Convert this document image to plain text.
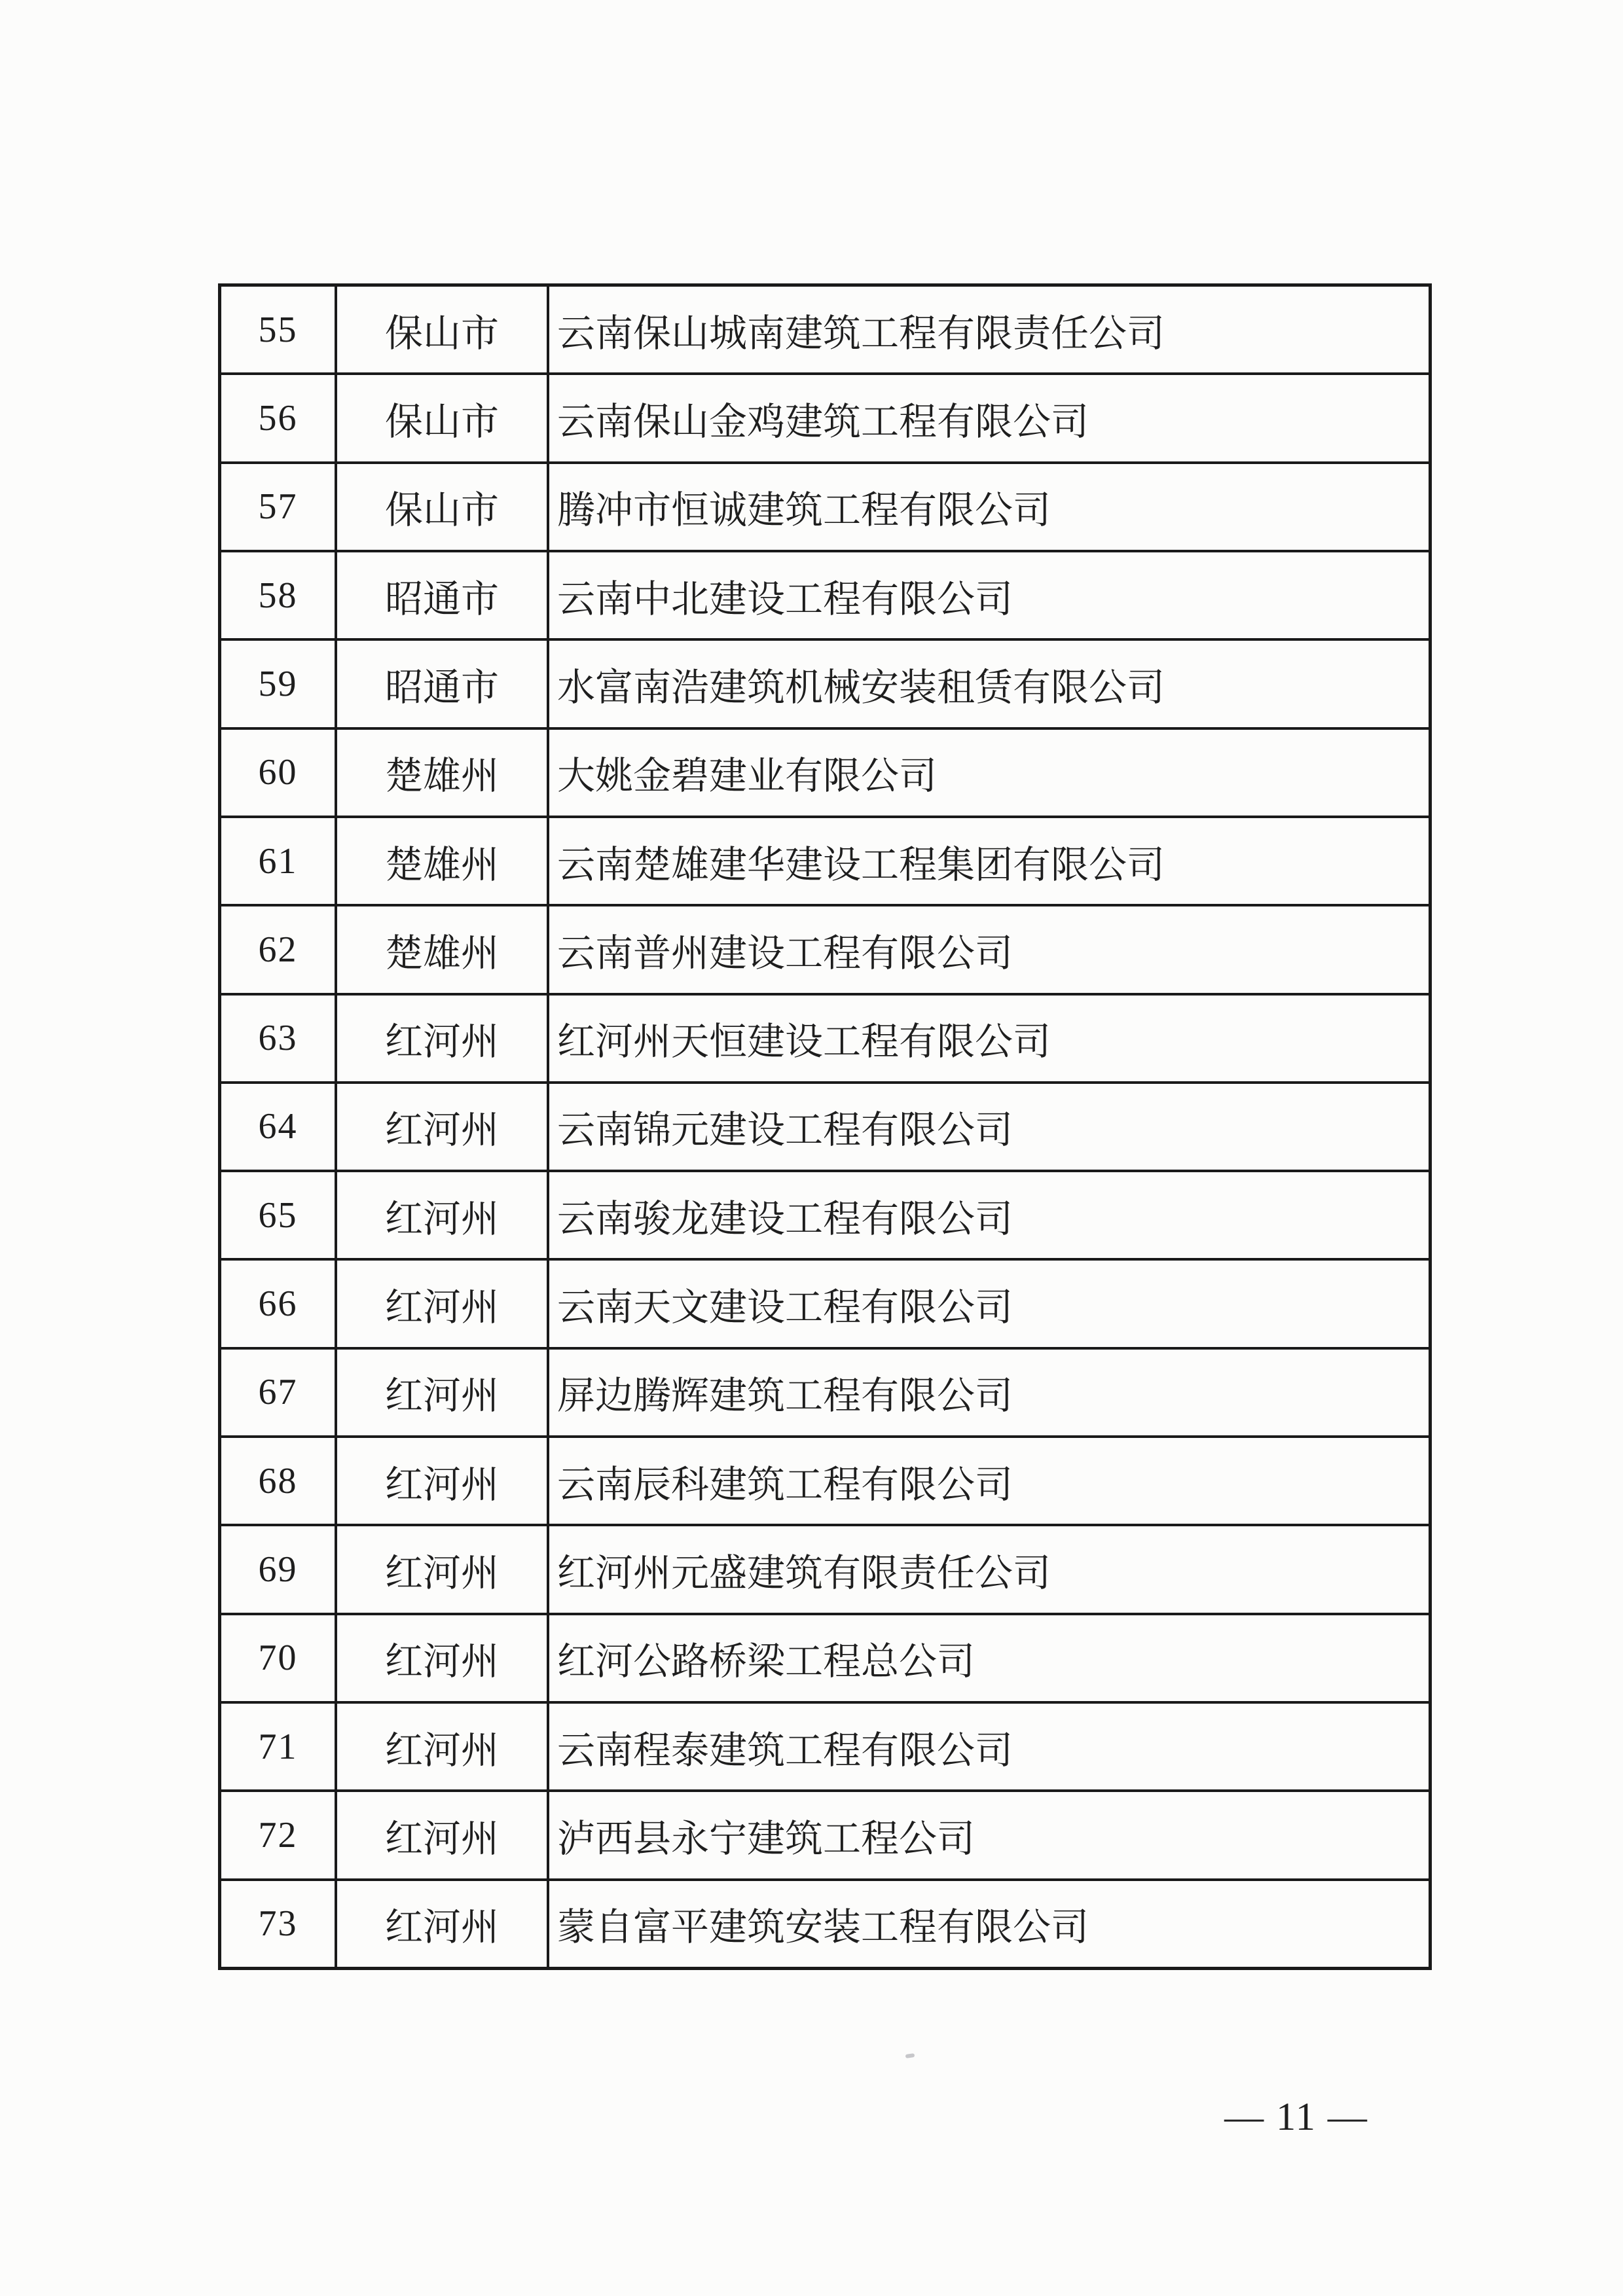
55	保山市	云南保山城南建筑工程有限责任公司
56	保山市	云南保山金鸡建筑工程有限公司
57	保山市	腾冲市恒诚建筑工程有限公司
58	昭通市	云南中北建设工程有限公司
59	昭通市	水富南浩建筑机械安装租赁有限公司
60	楚雄州	大姚金碧建业有限公司
61	楚雄州	云南楚雄建华建设工程集团有限公司
62	楚雄州	云南普州建设工程有限公司
63	红河州	红河州天恒建设工程有限公司
64	红河州	云南锦元建设工程有限公司
65	红河州	云南骏龙建设工程有限公司
66	红河州	云南天文建设工程有限公司
67	红河州	屏边腾辉建筑工程有限公司
68	红河州	云南辰科建筑工程有限公司
69	红河州	红河州元盛建筑有限责任公司
70	红河州	红河公路桥梁工程总公司
71	红河州	云南程泰建筑工程有限公司
72	红河州	泸西县永宁建筑工程公司
73	红河州	蒙自富平建筑安装工程有限公司
— 11 —
